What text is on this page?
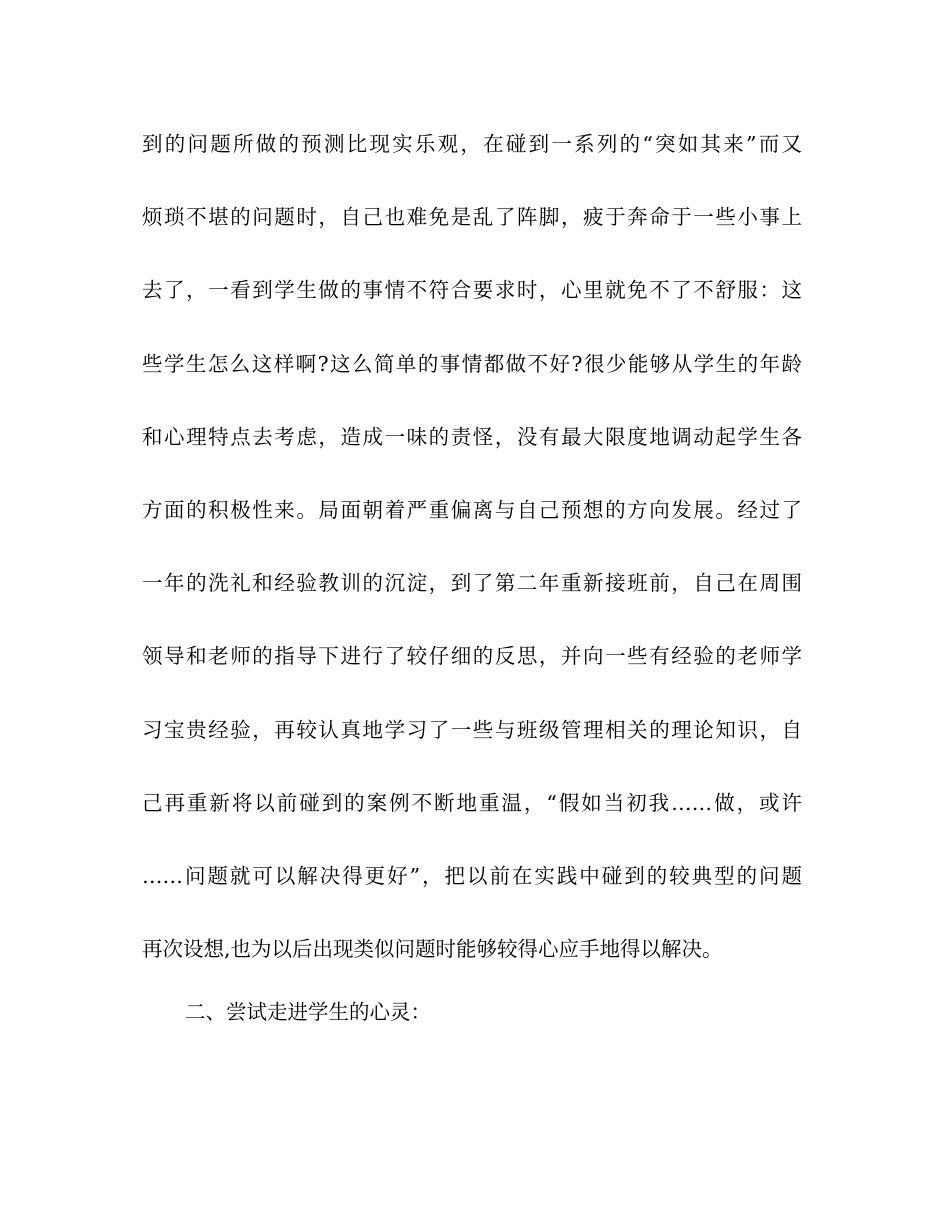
到的问题所做的预测比现实乐观，在碰到一系列的“突如其来”而又
烦琐不堪的问题时，自己也难免是乱了阵脚，疲于奔命于一些小事上
去了，一看到学生做的事情不符合要求时，心里就免不了不舒服：这
些学生怎么这样啊?这么简单的事情都做不好?很少能够从学生的年龄
和心理特点去考虑，造成一味的责怪，没有最大限度地调动起学生各
方面的积极性来。局面朝着严重偏离与自己预想的方向发展。经过了
一年的洗礼和经验教训的沉淀，到了第二年重新接班前，自己在周围
领导和老师的指导下进行了较仔细的反思，并向一些有经验的老师学
习宝贵经验，再较认真地学习了一些与班级管理相关的理论知识，自
己再重新将以前碰到的案例不断地重温，“假如当初我……做，或许
……问题就可以解决得更好”，把以前在实践中碰到的较典型的问题
再次设想,也为以后出现类似问题时能够较得心应手地得以解决。

二、尝试走进学生的心灵：
